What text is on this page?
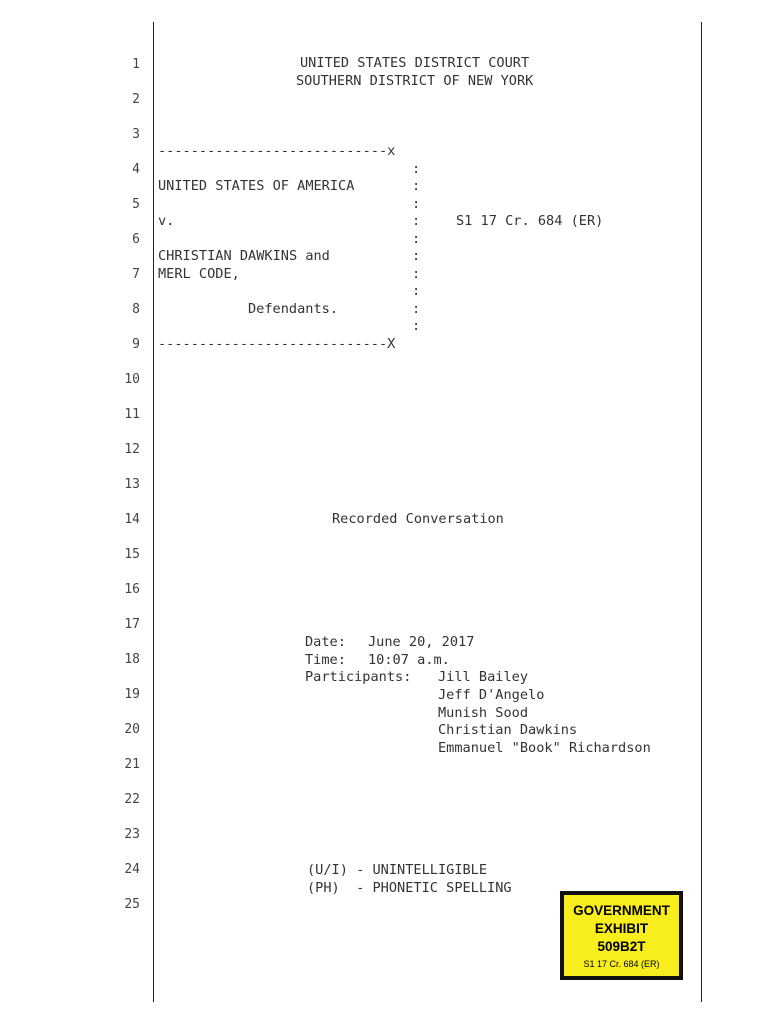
1
2
3
4
5
6
7
8
9
10
11
12
13
14
15
16
17
18
19
20
21
22
23
24
25
UNITED STATES DISTRICT COURT
SOUTHERN DISTRICT OF NEW YORK
----------------------------x
:
UNITED STATES OF AMERICA	:
:
v.	:	S1 17 Cr. 684 (ER)
:
CHRISTIAN DAWKINS and	:
MERL CODE,	:
:
Defendants.	:
:
----------------------------X
Recorded Conversation
Date: June 20, 2017
Time: 10:07 a.m.
Participants: Jill Bailey
Jeff D'Angelo
Munish Sood
Christian Dawkins
Emmanuel "Book" Richardson
(U/I) - UNINTELLIGIBLE
(PH)  - PHONETIC SPELLING
GOVERNMENT
EXHIBIT
509B2T
S1 17 Cr. 684 (ER)
